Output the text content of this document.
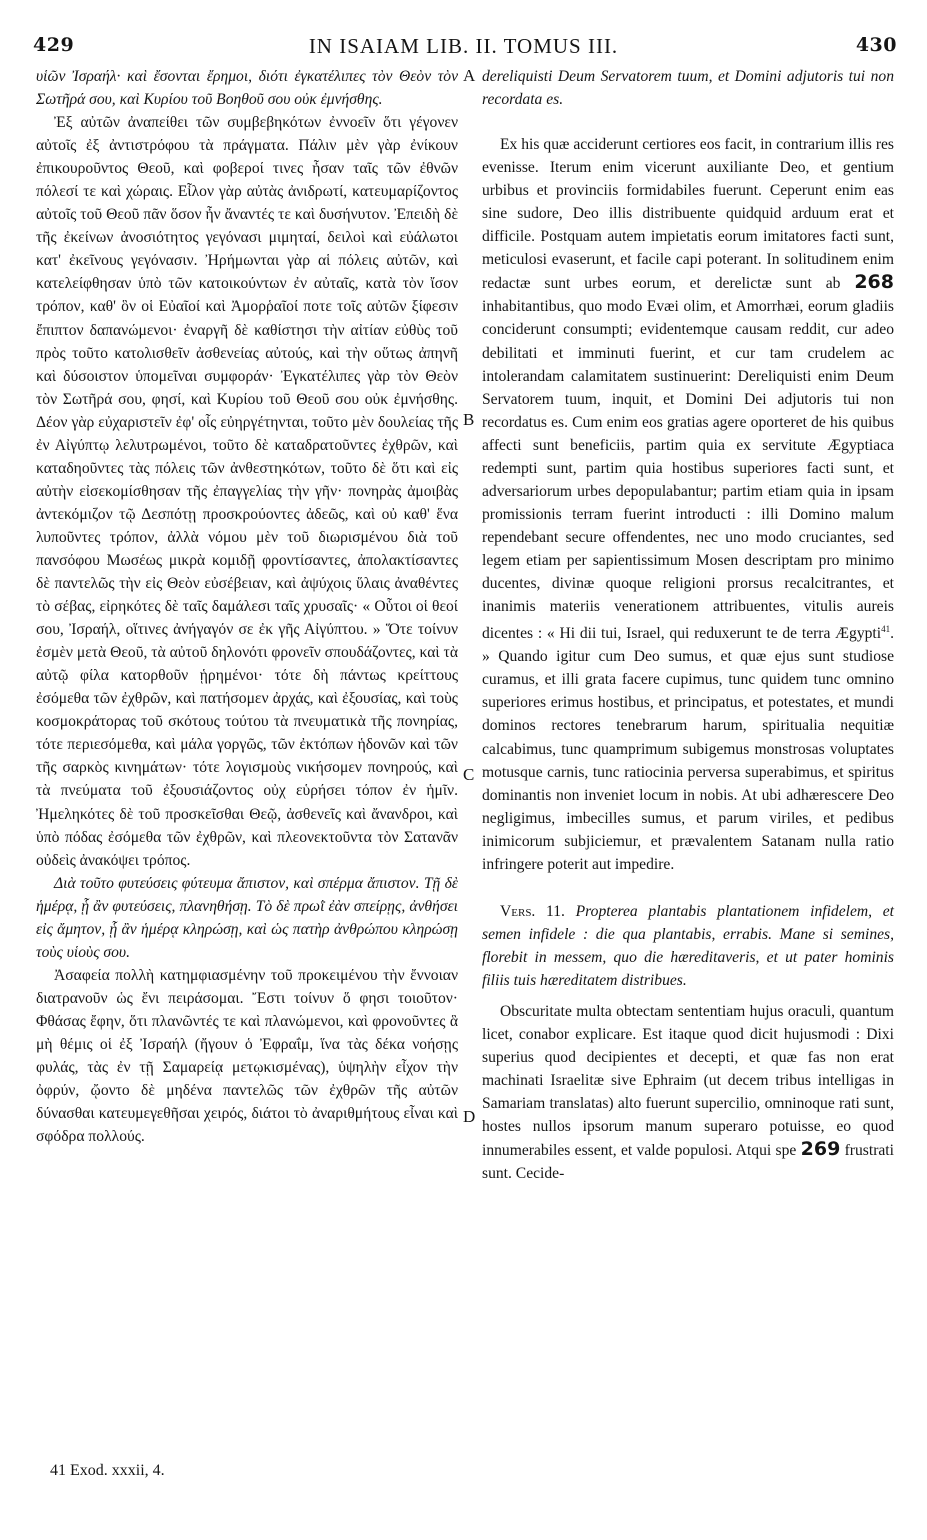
429	IN ISAIAM LIB. II. TOMUS III.	430

υἱῶν Ἰσραήλ· καὶ ἔσονται ἔρημοι, διότι ἐγκατέλιπες τὸν Θεὸν τὸν Σωτῆρά σου, καὶ Κυρίου τοῦ Βοηθοῦ σου οὐκ ἐμνήσθης.

Ἐξ αὐτῶν ἀναπείθει τῶν συμβεβηκότων ἐννοεῖν ὅτι γέγονεν αὐτοῖς ἐξ ἀντιστρόφου τὰ πράγματα. Πάλιν μὲν γὰρ ἐνίκουν ἐπικουροῦντος Θεοῦ, καὶ φοβεροί τινες ἦσαν ταῖς τῶν ἐθνῶν πόλεσί τε καὶ χώραις. Εἷλον γὰρ αὐτὰς ἀνιδρωτί, κατευμαρίζοντος αὐτοῖς τοῦ Θεοῦ πᾶν ὅσον ἦν ἄναντές τε καὶ δυσήνυτον. Ἐπειδὴ δὲ τῆς ἐκείνων ἀνοσιότητος γεγόνασι μιμηταί, δειλοὶ καὶ εὐάλωτοι κατ' ἐκεῖνους γεγόνασιν. Ἠρήμωνται γὰρ αἱ πόλεις αὐτῶν, καὶ κατελείφθησαν ὑπὸ τῶν κατοικούντων ἐν αὐταῖς, κατὰ τὸν ἴσον τρόπον, καθ' ὃν οἱ Εὐαῖοί καὶ Ἀμορῥαῖοί ποτε τοῖς αὐτῶν ξίφεσιν ἔπιπτον δαπανώμενοι· ἐναργῆ δὲ καθίστησι τὴν αἰτίαν εὐθὺς τοῦ πρὸς τοῦτο κατολισθεῖν ἀσθενείας αὐτούς, καὶ τὴν οὕτως ἀπηνῆ καὶ δύσοιστον ὑπομεῖναι συμφοράν· Ἐγκατέλιπες γὰρ τὸν Θεὸν τὸν Σωτῆρά σου, φησί, καὶ Κυρίου τοῦ Θεοῦ σου οὐκ ἐμνήσθης. Δέον γὰρ εὐχαριστεῖν ἐφ' οἷς εὐηργέτηνται, τοῦτο μὲν δουλείας τῆς ἐν Αἰγύπτῳ λελυτρωμένοι, τοῦτο δὲ καταδρατοῦντες ἐχθρῶν, καὶ καταδηοῦντες τὰς πόλεις τῶν ἀνθεστηκότων, τοῦτο δὲ ὅτι καὶ εἰς αὐτὴν εἰσεκομίσθησαν τῆς ἐπαγγελίας τὴν γῆν· πονηρὰς ἀμοιβὰς ἀντεκόμιζον τῷ Δεσπότῃ προσκρούοντες ἀδεῶς, καὶ οὐ καθ' ἕνα λυποῦντες τρόπον, ἀλλὰ νόμου μὲν τοῦ διωρισμένου διὰ τοῦ πανσόφου Μωσέως μικρὰ κομιδῇ φροντίσαντες, ἀπολακτίσαντες δὲ παντελῶς τὴν εἰς Θεὸν εὐσέβειαν, καὶ ἀψύχοις ὕλαις ἀναθέντες τὸ σέβας, εἰρηκότες δὲ ταῖς δαμάλεσι ταῖς χρυσαῖς· « Οὗτοι οἱ θεοί σου, Ἰσραήλ, οἵτινες ἀνήγαγόν σε ἐκ γῆς Αἰγύπτου. » Ὅτε τοίνυν ἐσμὲν μετὰ Θεοῦ, τὰ αὐτοῦ δηλονότι φρονεῖν σπουδάζοντες, καὶ τὰ αὐτῷ φίλα κατορθοῦν ᾑρημένοι· τότε δὴ πάντως κρείττους ἐσόμεθα τῶν ἐχθρῶν, καὶ πατήσομεν ἀρχάς, καὶ ἐξουσίας, καὶ τοὺς κοσμοκράτορας τοῦ σκότους τούτου τὰ πνευματικὰ τῆς πονηρίας, τότε περιεσόμεθα, καὶ μάλα γοργῶς, τῶν ἐκτόπων ἡδονῶν καὶ τῶν τῆς σαρκὸς κινημάτων· τότε λογισμοὺς νικήσομεν πονηρούς, καὶ τὰ πνεύματα τοῦ ἐξουσιάζοντος οὐχ εὑρήσει τόπον ἐν ἡμῖν. Ἠμεληκότες δὲ τοῦ προσκεῖσθαι Θεῷ, ἀσθενεῖς καὶ ἄνανδροι, καὶ ὑπὸ πόδας ἐσόμεθα τῶν ἐχθρῶν, καὶ πλεονεκτοῦντα τὸν Σατανᾶν οὐδεὶς ἀνακόψει τρόπος.

Διὰ τοῦτο φυτεύσεις φύτευμα ἄπιστον, καὶ σπέρμα ἄπιστον. Τῇ δὲ ἡμέρᾳ, ᾗ ἂν φυτεύσεις, πλανηθήσῃ. Τὸ δὲ πρωῒ ἐὰν σπείρῃς, ἀνθήσει εἰς ἄμητον, ᾗ ἂν ἡμέρᾳ κληρώσῃ, καὶ ὡς πατὴρ ἀνθρώπου κληρώσῃ τοὺς υἱοὺς σου.

Ἀσαφεία πολλὴ κατημφιασμένην τοῦ προκειμένου τὴν ἔννοιαν διατρανοῦν ὡς ἔνι πειράσομαι. Ἔστι τοίνυν ὅ φησι τοιοῦτον· Φθάσας ἔφην, ὅτι πλανῶντές τε καὶ πλανώμενοι, καὶ φρονοῦντες ἃ μὴ θέμις οἱ ἐξ Ἰσραήλ (ἤγουν ὁ Ἐφραΐμ, ἵνα τὰς δέκα νοήσῃς φυλάς, τὰς ἐν τῇ Σαμαρείᾳ μετῳκισμένας), ὑψηλὴν εἶχον τὴν ὀφρύν, ᾤοντο δὲ μηδένα παντελῶς τῶν ἐχθρῶν τῆς αὐτῶν δύνασθαι κατευμεγεθῆσαι χειρός, διάτοι τὸ ἀναριθμήτους εἶναι καὶ σφόδρα πολλούς.

A
B
C
D

dereliquisti Deum Servatorem tuum, et Domini adjutoris tui non recordata es.

Ex his quæ acciderunt certiores eos facit, in contrarium illis res evenisse. Iterum enim vicerunt auxiliante Deo, et gentium urbibus et provinciis formidabiles fuerunt. Ceperunt enim eas sine sudore, Deo illis distribuente quidquid arduum erat et difficile. Postquam autem impietatis eorum imitatores facti sunt, meticulosi evaserunt, et facile capi poterant. In solitudinem enim redactæ sunt urbes eorum, et derelictæ sunt ab 268 inhabitantibus, quo modo Evæi olim, et Amorrhæi, eorum gladiis conciderunt consumpti; evidentemque causam reddit, cur adeo debilitati et imminuti fuerint, et cur tam crudelem ac intolerandam calamitatem sustinuerint: Dereliquisti enim Deum Servatorem tuum, inquit, et Domini Dei adjutoris tui non recordatus es. Cum enim eos gratias agere oporteret de his quibus affecti sunt beneficiis, partim quia ex servitute Ægyptiaca redempti sunt, partim quia hostibus superiores facti sunt, et adversariorum urbes depopulabantur; partim etiam quia in ipsam promissionis terram fuerint introducti : illi Domino malum rependebant secure offendentes, nec uno modo cruciantes, sed legem etiam per sapientissimum Mosen descriptam pro minimo ducentes, divinæ quoque religioni prorsus recalcitrantes, et inanimis materiis venerationem attribuentes, vitulis aureis dicentes : « Hi dii tui, Israel, qui reduxerunt te de terra Ægypti$^{41}$. » Quando igitur cum Deo sumus, et quæ ejus sunt studiose curamus, et illi grata facere cupimus, tunc quidem tunc omnino superiores erimus hostibus, et principatus, et potestates, et mundi dominos rectores tenebrarum harum, spiritualia nequitiæ calcabimus, tunc quamprimum subigemus monstrosas voluptates motusque carnis, tunc ratiocinia perversa superabimus, et spiritus dominantis non inveniet locum in nobis. At ubi adhærescere Deo negligimus, imbecilles sumus, et parum viriles, et pedibus inimicorum subjiciemur, et prævalentem Satanam nulla ratio infringere poterit aut impedire.

Vers. 11. Propterea plantabis plantationem infidelem, et semen infidele : die qua plantabis, errabis. Mane si semines, florebit in messem, quo die hæreditaveris, et ut pater hominis filiis tuis hæreditatem distribues.

Obscuritate multa obtectam sententiam hujus oraculi, quantum licet, conabor explicare. Est itaque quod dicit hujusmodi : Dixi superius quod decipientes et decepti, et quæ fas non erat machinati Israelitæ sive Ephraim (ut decem tribus intelligas in Samariam translatas) alto fuerunt supercilio, omninoque rati sunt, hostes nullos ipsorum manum superaro potuisse, eo quod innumerabiles essent, et valde populosi. Atqui spe 269 frustrati sunt. Cecide-

41 Exod. xxxii, 4.
